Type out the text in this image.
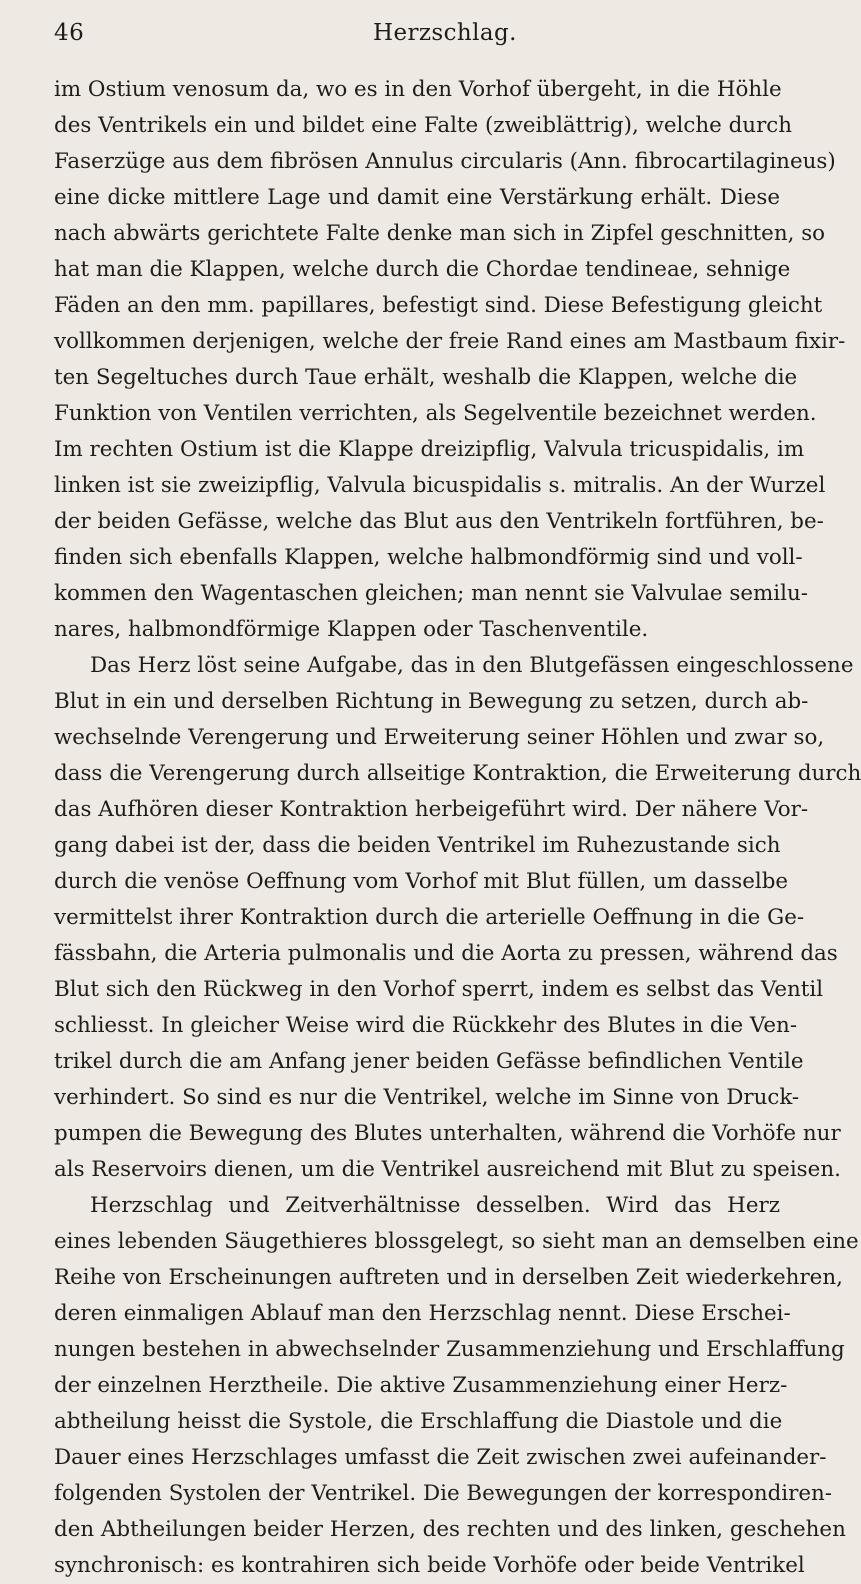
46	Herzschlag.
im Ostium venosum da, wo es in den Vorhof übergeht, in die Höhle
des Ventrikels ein und bildet eine Falte (zweiblättrig), welche durch
Faserzüge aus dem fibrösen Annulus circularis (Ann. fibrocartilagineus)
eine dicke mittlere Lage und damit eine Verstärkung erhält. Diese
nach abwärts gerichtete Falte denke man sich in Zipfel geschnitten, so
hat man die Klappen, welche durch die Chordae tendineae, sehnige
Fäden an den mm. papillares, befestigt sind. Diese Befestigung gleicht
vollkommen derjenigen, welche der freie Rand eines am Mastbaum fixir-
ten Segeltuches durch Taue erhält, weshalb die Klappen, welche die
Funktion von Ventilen verrichten, als Segelventile bezeichnet werden.
Im rechten Ostium ist die Klappe dreizipflig, Valvula tricuspidalis, im
linken ist sie zweizipflig, Valvula bicuspidalis s. mitralis. An der Wurzel
der beiden Gefässe, welche das Blut aus den Ventrikeln fortführen, be-
finden sich ebenfalls Klappen, welche halbmondförmig sind und voll-
kommen den Wagentaschen gleichen; man nennt sie Valvulae semilu-
nares, halbmondförmige Klappen oder Taschenventile.
Das Herz löst seine Aufgabe, das in den Blutgefässen eingeschlossene
Blut in ein und derselben Richtung in Bewegung zu setzen, durch ab-
wechselnde Verengerung und Erweiterung seiner Höhlen und zwar so,
dass die Verengerung durch allseitige Kontraktion, die Erweiterung durch
das Aufhören dieser Kontraktion herbeigeführt wird. Der nähere Vor-
gang dabei ist der, dass die beiden Ventrikel im Ruhezustande sich
durch die venöse Oeffnung vom Vorhof mit Blut füllen, um dasselbe
vermittelst ihrer Kontraktion durch die arterielle Oeffnung in die Ge-
fässbahn, die Arteria pulmonalis und die Aorta zu pressen, während das
Blut sich den Rückweg in den Vorhof sperrt, indem es selbst das Ventil
schliesst. In gleicher Weise wird die Rückkehr des Blutes in die Ven-
trikel durch die am Anfang jener beiden Gefässe befindlichen Ventile
verhindert. So sind es nur die Ventrikel, welche im Sinne von Druck-
pumpen die Bewegung des Blutes unterhalten, während die Vorhöfe nur
als Reservoirs dienen, um die Ventrikel ausreichend mit Blut zu speisen.
Herzschlag und Zeitverhältnisse desselben. Wird das Herz
eines lebenden Säugethieres blossgelegt, so sieht man an demselben eine
Reihe von Erscheinungen auftreten und in derselben Zeit wiederkehren,
deren einmaligen Ablauf man den Herzschlag nennt. Diese Erschei-
nungen bestehen in abwechselnder Zusammenziehung und Erschlaffung
der einzelnen Herztheile. Die aktive Zusammenziehung einer Herz-
abtheilung heisst die Systole, die Erschlaffung die Diastole und die
Dauer eines Herzschlages umfasst die Zeit zwischen zwei aufeinander-
folgenden Systolen der Ventrikel. Die Bewegungen der korrespondiren-
den Abtheilungen beider Herzen, des rechten und des linken, geschehen
synchronisch: es kontrahiren sich beide Vorhöfe oder beide Ventrikel
